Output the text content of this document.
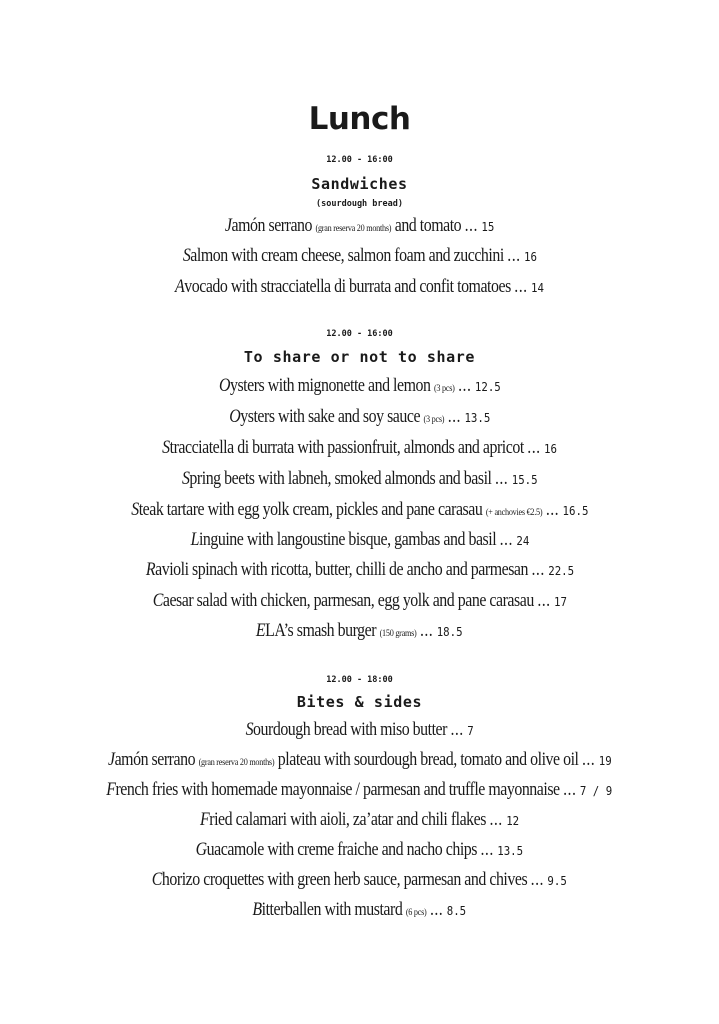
Lunch
12.00 - 16:00
Sandwiches
(sourdough bread)
Jamón serrano (gran reserva 20 months) and tomato ... 15
Salmon with cream cheese, salmon foam and zucchini ... 16
Avocado with stracciatella di burrata and confit tomatoes ... 14
12.00 - 16:00
To share or not to share
Oysters with mignonette and lemon (3 pcs) ... 12.5
Oysters with sake and soy sauce (3 pcs) ... 13.5
Stracciatella di burrata with passionfruit, almonds and apricot ... 16
Spring beets with labneh, smoked almonds and basil ... 15.5
Steak tartare with egg yolk cream, pickles and pane carasau (+ anchovies €2.5) ... 16.5
Linguine with langoustine bisque, gambas and basil ... 24
Ravioli spinach with ricotta, butter, chilli de ancho and parmesan ... 22.5
Caesar salad with chicken, parmesan, egg yolk and pane carasau ... 17
ELA’s smash burger (150 grams) ... 18.5
12.00 - 18:00
Bites & sides
Sourdough bread with miso butter ... 7
Jamón serrano (gran reserva 20 months) plateau with sourdough bread, tomato and olive oil ... 19
French fries with homemade mayonnaise / parmesan and truffle mayonnaise ... 7 / 9
Fried calamari with aioli, za’atar and chili flakes ... 12
Guacamole with creme fraiche and nacho chips ... 13.5
Chorizo croquettes with green herb sauce, parmesan and chives ... 9.5
Bitterballen with mustard (6 pcs) ... 8.5
